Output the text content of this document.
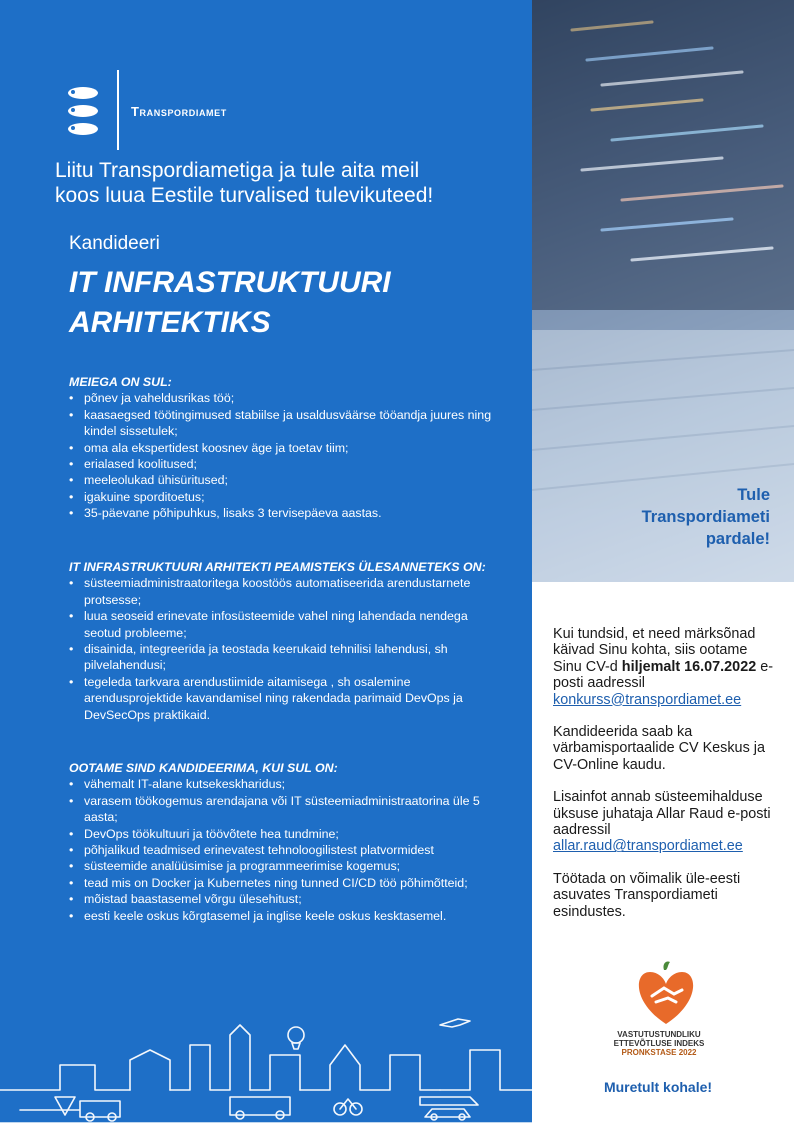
Transpordiamet
Liitu Transpordiametiga ja tule aita meil
koos luua Eestile turvalised tulevikuteed!
Kandideeri
IT INFRASTRUKTUURI
ARHITEKTIKS
MEIEGA ON SUL:
• põnev ja vaheldusrikas töö;
• kaasaegsed töötingimused stabiilse ja usaldusväärse tööandja juures ning kindel sissetulek;
• oma ala ekspertidest koosnev äge ja toetav tiim;
• erialased koolitused;
• meeleolukad ühisüritused;
• igakuine sporditoetus;
• 35-päevane põhipuhkus, lisaks 3 tervisepäeva aastas.
IT INFRASTRUKTUURI ARHITEKTI PEAMISTEKS ÜLESANNETEKS ON:
• süsteemiadministraatoritega koostöös automatiseerida arendustarnete protsesse;
• luua seoseid erinevate infosüsteemide vahel ning lahendada nendega seotud probleeme;
• disainida, integreerida ja teostada keerukaid tehnilisi lahendusi, sh pilvelahendusi;
• tegeleda tarkvara arendustiimide aitamisega , sh osalemine arendusprojektide kavandamisel ning rakendada parimaid DevOps ja DevSecOps praktikaid.
OOTAME SIND KANDIDEERIMA, KUI SUL ON:
• vähemalt IT-alane kutsekeskharidus;
• varasem töökogemus arendajana või IT süsteemiadministraatorina üle 5 aasta;
• DevOps töökultuuri ja töövõtete hea tundmine;
• põhjalikud teadmised erinevatest tehnoloogilistest platvormidest
• süsteemide analüüsimise ja programmeerimise kogemus;
• tead mis on Docker ja Kubernetes ning tunned CI/CD töö põhimõtteid;
• mõistad baastasemel võrgu ülesehitust;
• eesti keele oskus kõrgtasemel ja inglise keele oskus kesktasemel.
Tule
Transpordiameti
pardale!

Kui tundsid, et need märksõnad käivad Sinu kohta, siis ootame Sinu CV-d hiljemalt 16.07.2022 e-posti aadressil
konkurss@transpordiamet.ee

Kandideerida saab ka värbamisportaalide CV Keskus ja CV-Online kaudu.

Lisainfot annab süsteemihalduse üksuse juhataja Allar Raud e-posti aadressil
allar.raud@transpordiamet.ee

Töötada on võimalik üle-eesti asuvates Transpordiameti esindustes.

VASTUTUSTUNDLIKU
ETTEVÕTLUSE INDEKS
PRONKSTASE 2022
Muretult kohale!
